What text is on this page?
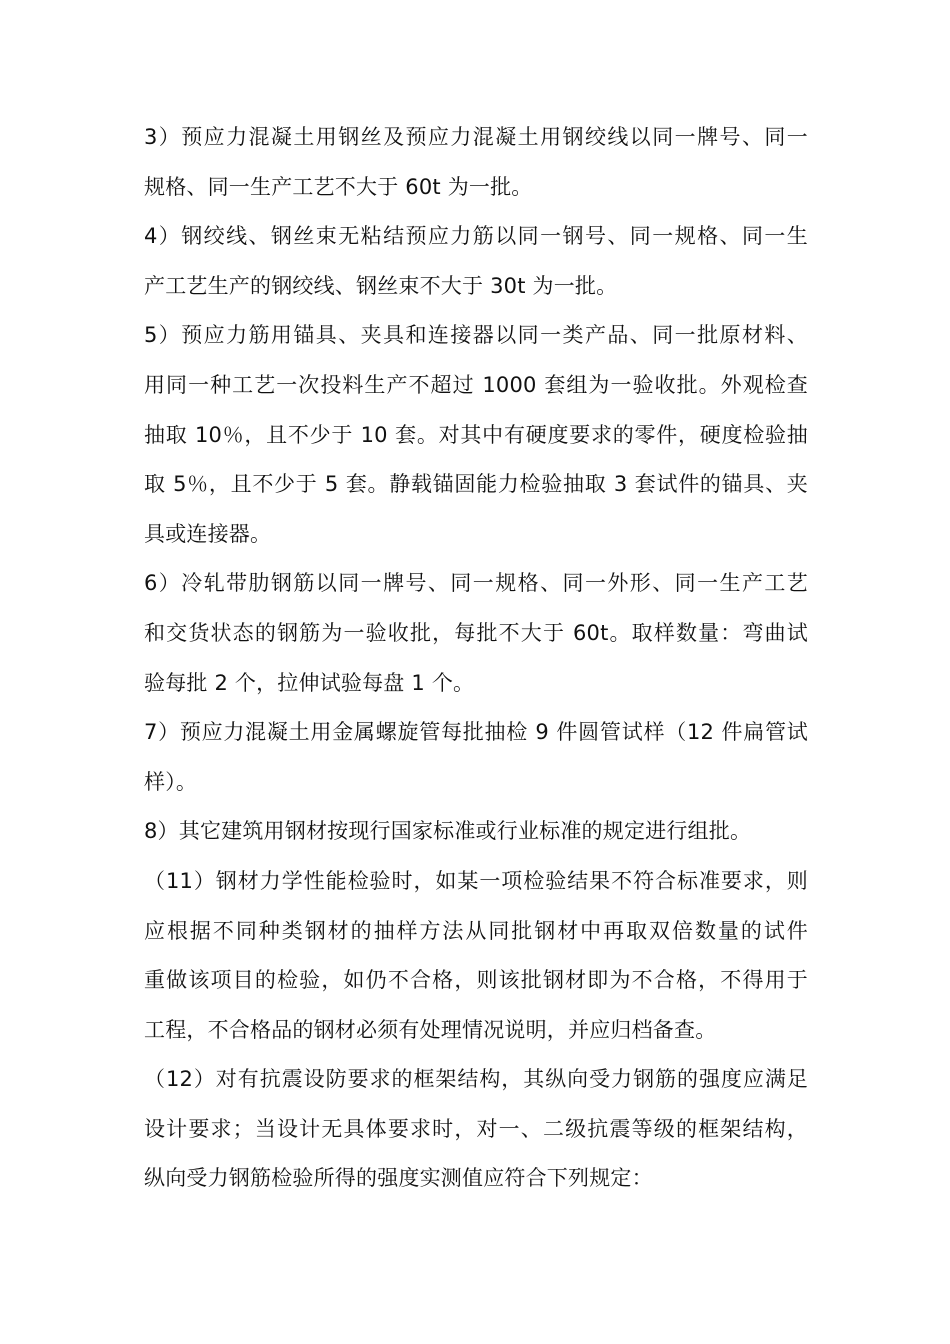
3）预应力混凝土用钢丝及预应力混凝土用钢绞线以同一牌号、同一
规格、同一生产工艺不大于 60t 为一批。
4）钢绞线、钢丝束无粘结预应力筋以同一钢号、同一规格、同一生
产工艺生产的钢绞线、钢丝束不大于 30t 为一批。
5）预应力筋用锚具、夹具和连接器以同一类产品、同一批原材料、
用同一种工艺一次投料生产不超过 1000 套组为一验收批。外观检查
抽取 10％，且不少于 10 套。对其中有硬度要求的零件，硬度检验抽
取 5％，且不少于 5 套。静载锚固能力检验抽取 3 套试件的锚具、夹
具或连接器。
6）冷轧带肋钢筋以同一牌号、同一规格、同一外形、同一生产工艺
和交货状态的钢筋为一验收批，每批不大于 60t。取样数量：弯曲试
验每批 2 个，拉伸试验每盘 1 个。
7）预应力混凝土用金属螺旋管每批抽检 9 件圆管试样（12 件扁管试
样）。
8）其它建筑用钢材按现行国家标准或行业标准的规定进行组批。
（11）钢材力学性能检验时，如某一项检验结果不符合标准要求，则
应根据不同种类钢材的抽样方法从同批钢材中再取双倍数量的试件
重做该项目的检验，如仍不合格，则该批钢材即为不合格，不得用于
工程，不合格品的钢材必须有处理情况说明，并应归档备查。
（12）对有抗震设防要求的框架结构，其纵向受力钢筋的强度应满足
设计要求；当设计无具体要求时，对一、二级抗震等级的框架结构，
纵向受力钢筋检验所得的强度实测值应符合下列规定：
